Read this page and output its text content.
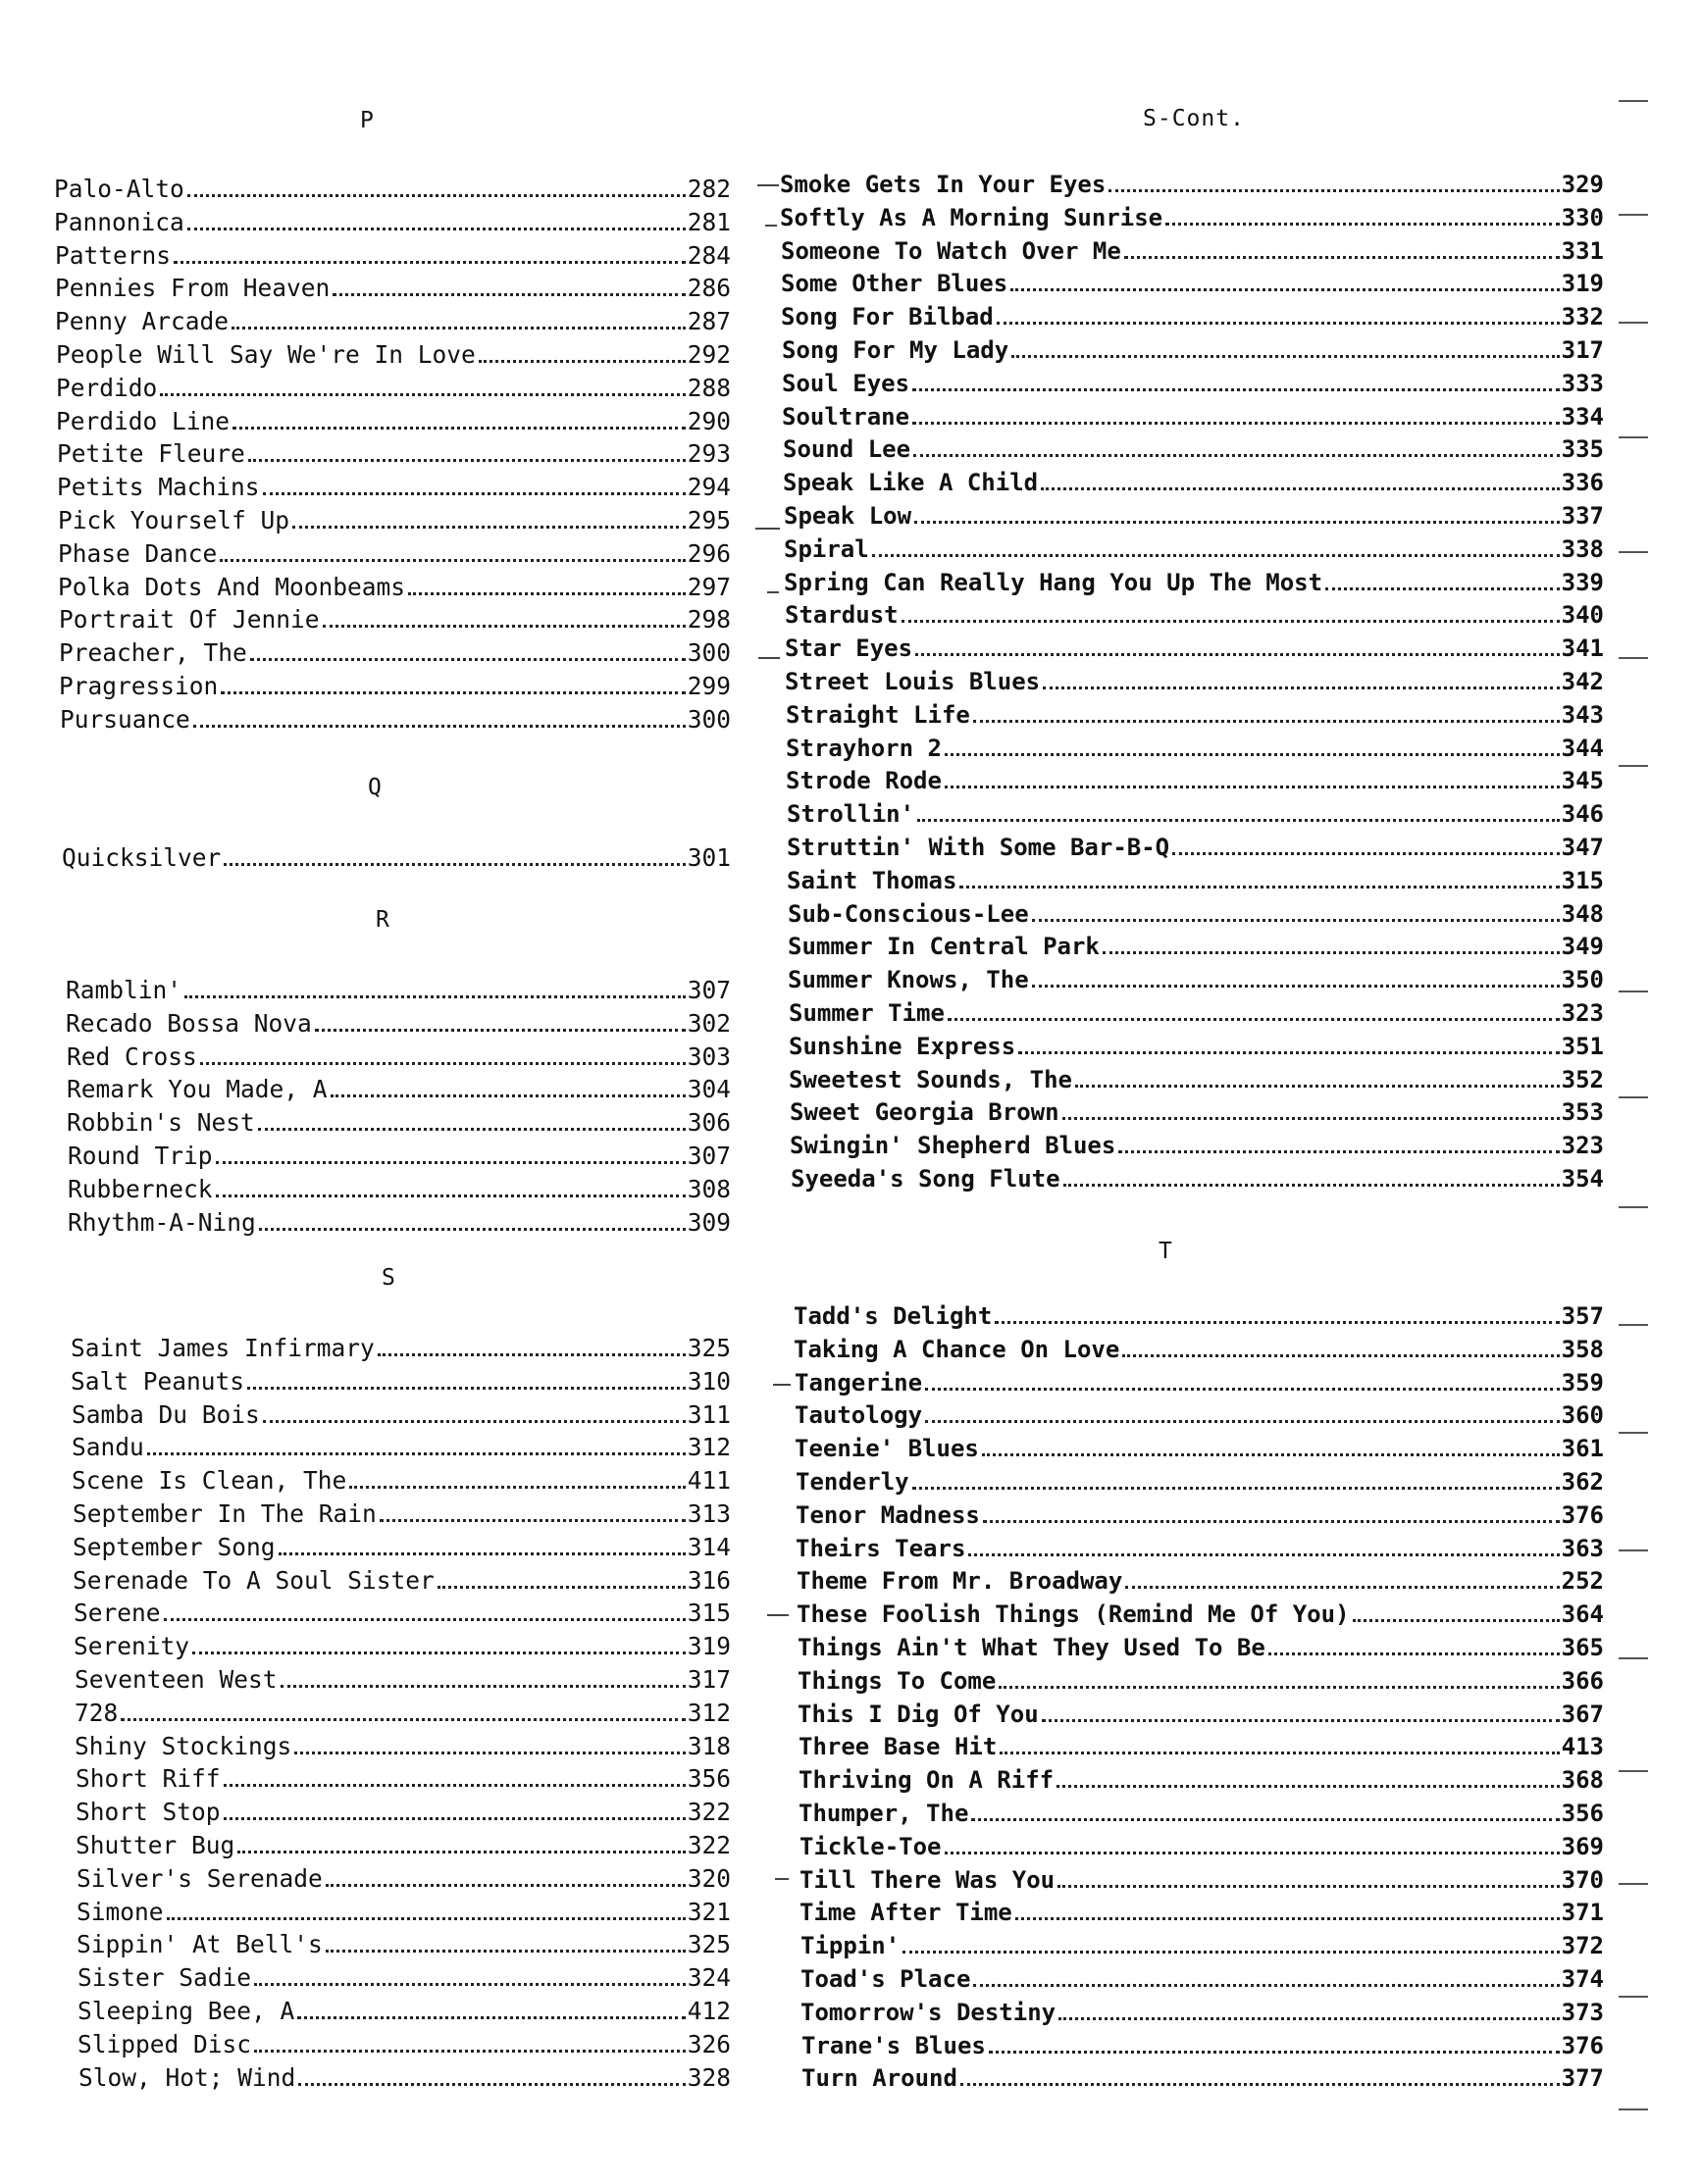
P
Palo-Alto	282
Pannonica	281
Patterns	284
Pennies From Heaven	286
Penny Arcade	287
People Will Say We're In Love	292
Perdido	288
Perdido Line	290
Petite Fleure	293
Petits Machins	294
Pick Yourself Up	295
Phase Dance	296
Polka Dots And Moonbeams	297
Portrait Of Jennie	298
Preacher, The	300
Pragression	299
Pursuance	300
Q
Quicksilver	301
R
Ramblin'	307
Recado Bossa Nova	302
Red Cross	303
Remark You Made, A	304
Robbin's Nest	306
Round Trip	307
Rubberneck	308
Rhythm-A-Ning	309
S
Saint James Infirmary	325
Salt Peanuts	310
Samba Du Bois	311
Sandu	312
Scene Is Clean, The	411
September In The Rain	313
September Song	314
Serenade To A Soul Sister	316
Serene	315
Serenity	319
Seventeen West	317
728	312
Shiny Stockings	318
Short Riff	356
Short Stop	322
Shutter Bug	322
Silver's Serenade	320
Simone	321
Sippin' At Bell's	325
Sister Sadie	324
Sleeping Bee, A	412
Slipped Disc	326
Slow, Hot; Wind	328
S-Cont.
Smoke Gets In Your Eyes	329
Softly As A Morning Sunrise	330
Someone To Watch Over Me	331
Some Other Blues	319
Song For Bilbad	332
Song For My Lady	317
Soul Eyes	333
Soultrane	334
Sound Lee	335
Speak Like A Child	336
Speak Low	337
Spiral	338
Spring Can Really Hang You Up The Most	339
Stardust	340
Star Eyes	341
Street Louis Blues	342
Straight Life	343
Strayhorn 2	344
Strode Rode	345
Strollin'	346
Struttin' With Some Bar-B-Q	347
Saint Thomas	315
Sub-Conscious-Lee	348
Summer In Central Park	349
Summer Knows, The	350
Summer Time	323
Sunshine Express	351
Sweetest Sounds, The	352
Sweet Georgia Brown	353
Swingin' Shepherd Blues	323
Syeeda's Song Flute	354
T
Tadd's Delight	357
Taking A Chance On Love	358
Tangerine	359
Tautology	360
Teenie' Blues	361
Tenderly	362
Tenor Madness	376
Theirs Tears	363
Theme From Mr. Broadway	252
These Foolish Things (Remind Me Of You)	364
Things Ain't What They Used To Be	365
Things To Come	366
This I Dig Of You	367
Three Base Hit	413
Thriving On A Riff	368
Thumper, The	356
Tickle-Toe	369
Till There Was You	370
Time After Time	371
Tippin'	372
Toad's Place	374
Tomorrow's Destiny	373
Trane's Blues	376
Turn Around	377
